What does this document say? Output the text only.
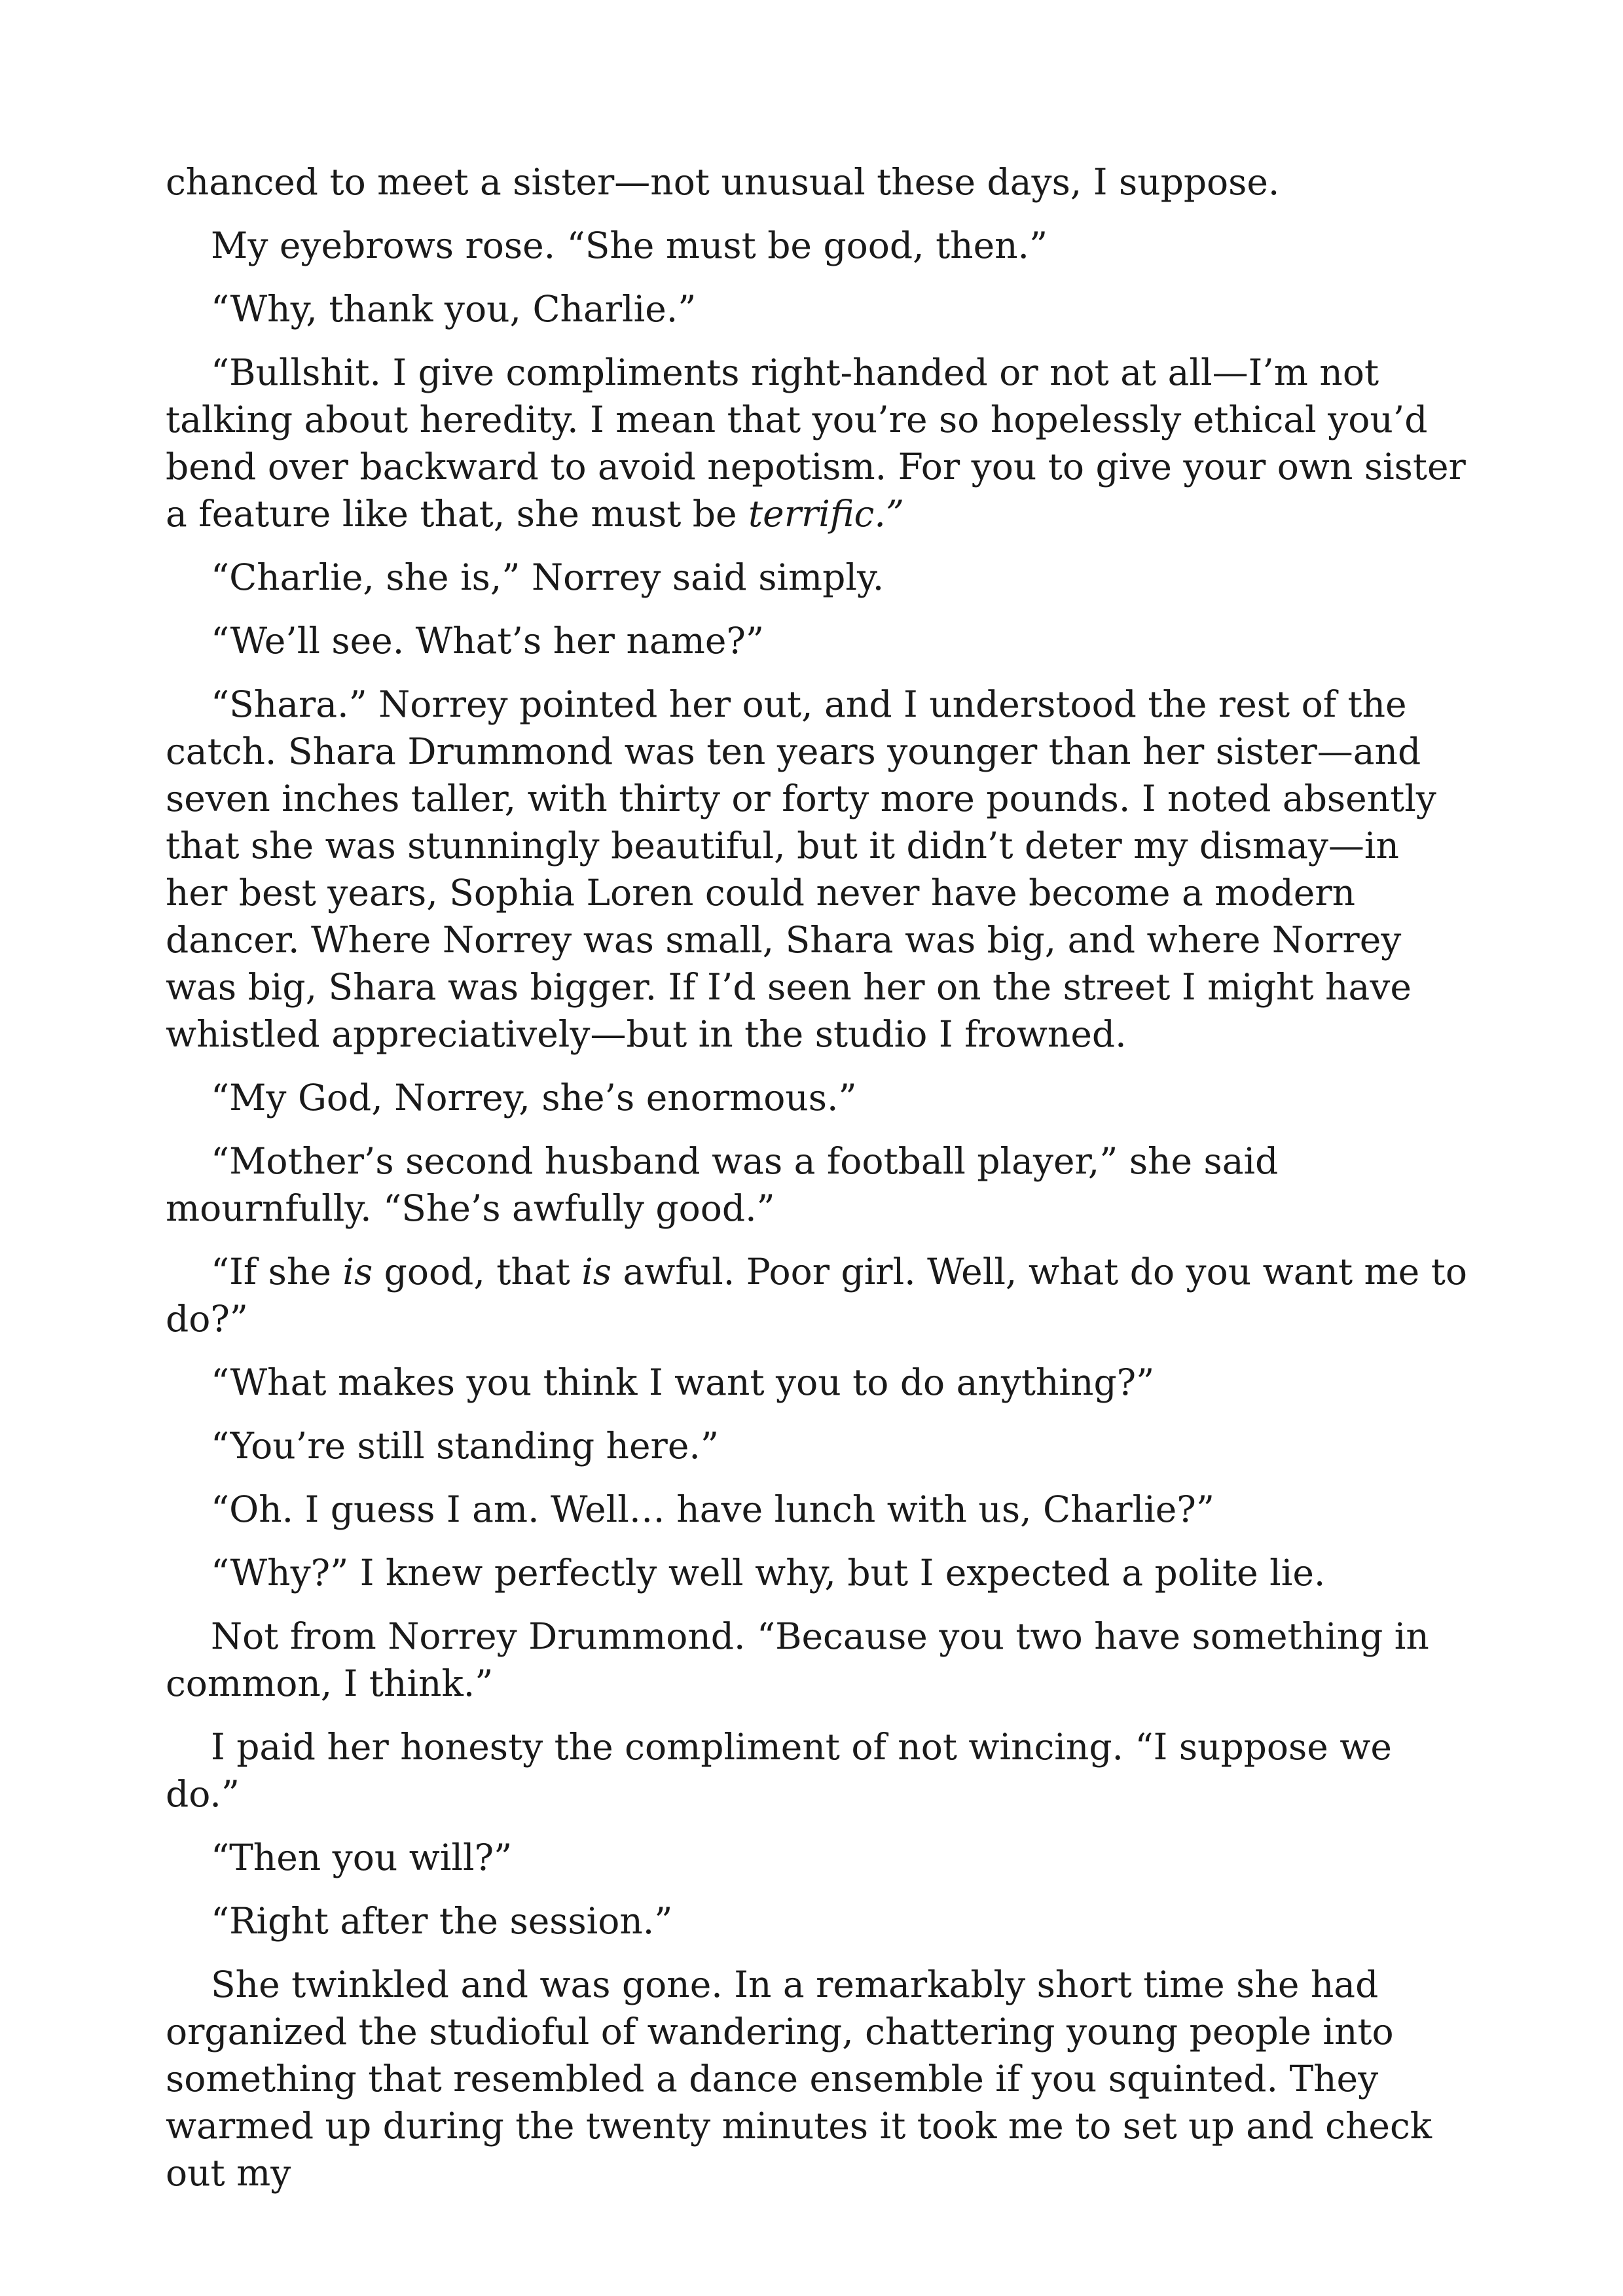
chanced to meet a sister—not unusual these days, I suppose.

My eyebrows rose. “She must be good, then.”

“Why, thank you, Charlie.”

“Bullshit. I give compliments right-handed or not at all—I’m not talking about heredity. I mean that you’re so hopelessly ethical you’d bend over backward to avoid nepotism. For you to give your own sister a feature like that, she must be terrific.”

“Charlie, she is,” Norrey said simply.

“We’ll see. What’s her name?”

“Shara.” Norrey pointed her out, and I understood the rest of the catch. Shara Drummond was ten years younger than her sister—and seven inches taller, with thirty or forty more pounds. I noted absently that she was stunningly beautiful, but it didn’t deter my dismay—in her best years, Sophia Loren could never have become a modern dancer. Where Norrey was small, Shara was big, and where Norrey was big, Shara was bigger. If I’d seen her on the street I might have whistled appreciatively—but in the studio I frowned.

“My God, Norrey, she’s enormous.”

“Mother’s second husband was a football player,” she said mournfully. “She’s awfully good.”

“If she is good, that is awful. Poor girl. Well, what do you want me to do?”

“What makes you think I want you to do anything?”

“You’re still standing here.”

“Oh. I guess I am. Well… have lunch with us, Charlie?”

“Why?” I knew perfectly well why, but I expected a polite lie.

Not from Norrey Drummond. “Because you two have something in common, I think.”

I paid her honesty the compliment of not wincing. “I suppose we do.”

“Then you will?”

“Right after the session.”

She twinkled and was gone. In a remarkably short time she had organized the studioful of wandering, chattering young people into something that resembled a dance ensemble if you squinted. They warmed up during the twenty minutes it took me to set up and check out my
